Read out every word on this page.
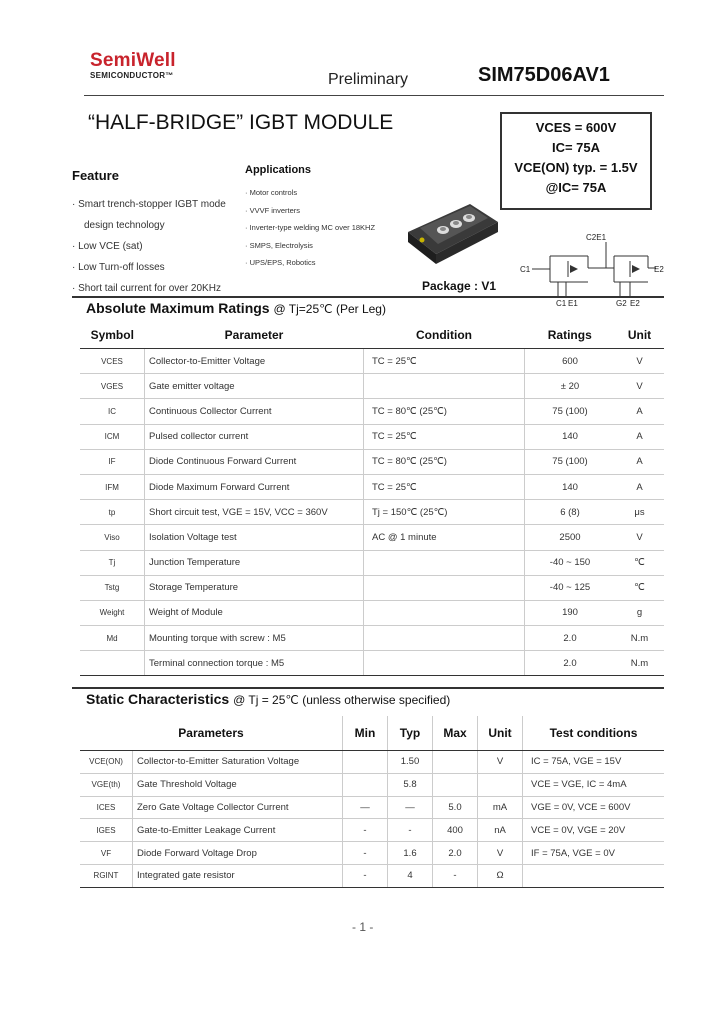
SemiWell
SEMICONDUCTOR™	Preliminary	SIM75D06AV1
“HALF-BRIDGE” IGBT MODULE	VCES = 600V
IC= 75A
VCE(ON) typ. = 1.5V
@IC= 75A
Feature
· Smart trench-stopper IGBT mode
design technology
· Low VCE (sat)
· Low Turn-off losses
· Short tail current for over 20KHz
Applications
· Motor controls
· VVVF inverters
· Inverter-type welding MC over 18KHZ
· SMPS, Electrolysis
· UPS/EPS, Robotics
C2E1
C1	E2
C1 E1	G2 E2
Package : V1
Absolute Maximum Ratings @ Tj=25℃ (Per Leg)
Symbol	Parameter	Condition	Ratings	Unit
VCES	Collector-to-Emitter Voltage	TC = 25℃	600	V
VGES	Gate emitter voltage		± 20	V
IC	Continuous Collector Current	TC = 80℃ (25℃)	75 (100)	A
ICM	Pulsed collector current	TC = 25℃	140	A
IF	Diode Continuous Forward Current	TC = 80℃ (25℃)	75 (100)	A
IFM	Diode Maximum Forward Current	TC = 25℃	140	A
tp	Short circuit test, VGE = 15V, VCC = 360V	Tj = 150℃ (25℃)	6 (8)	μs
Viso	Isolation Voltage test	AC @ 1 minute	2500	V
Tj	Junction Temperature		-40 ~ 150	℃
Tstg	Storage Temperature		-40 ~ 125	℃
Weight	Weight of Module		190	g
Md	Mounting torque with screw : M5		2.0	N.m
	Terminal connection torque : M5		2.0	N.m
Static Characteristics @ Tj = 25℃ (unless otherwise specified)
Parameters		Min	Typ	Max	Unit	Test conditions
VCE(ON)	Collector-to-Emitter Saturation Voltage		1.50		V	IC = 75A, VGE = 15V
VGE(th)	Gate Threshold Voltage		5.8			VCE = VGE, IC = 4mA
ICES	Zero Gate Voltage Collector Current	—	—	5.0	mA	VGE = 0V, VCE = 600V
IGES	Gate-to-Emitter Leakage Current	-	-	400	nA	VCE = 0V, VGE = 20V
VF	Diode Forward Voltage Drop	-	1.6	2.0	V	IF = 75A, VGE = 0V
RGINT	Integrated gate resistor	-	4	-	Ω	
- 1 -
